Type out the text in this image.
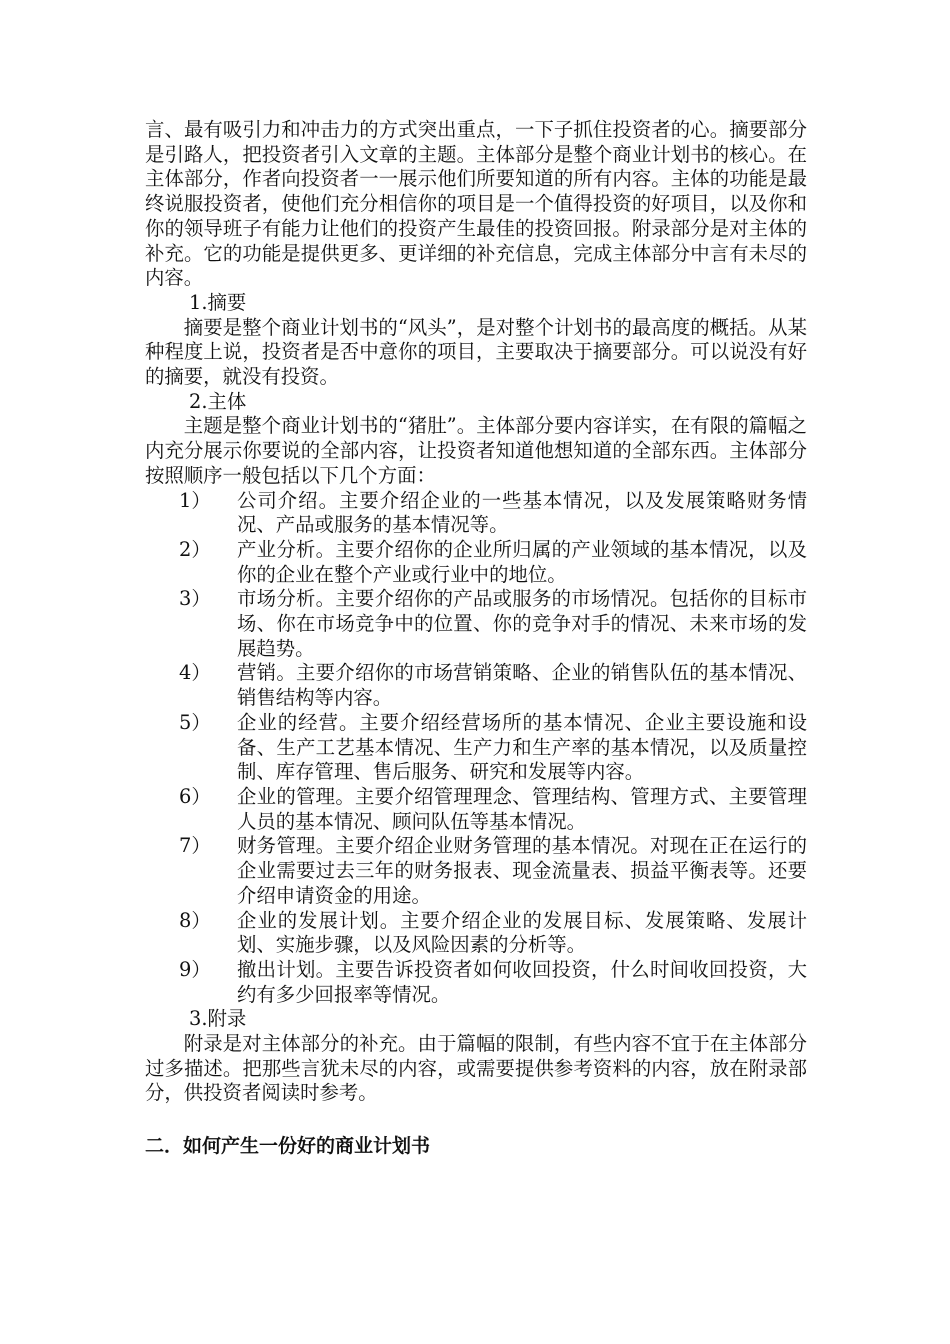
言、最有吸引力和冲击力的方式突出重点，一下子抓住投资者的心。摘要部分是引路人，把投资者引入文章的主题。主体部分是整个商业计划书的核心。在主体部分，作者向投资者一一展示他们所要知道的所有内容。主体的功能是最终说服投资者，使他们充分相信你的项目是一个值得投资的好项目，以及你和你的领导班子有能力让他们的投资产生最佳的投资回报。附录部分是对主体的补充。它的功能是提供更多、更详细的补充信息，完成主体部分中言有未尽的内容。

1.摘要

摘要是整个商业计划书的“风头”，是对整个计划书的最高度的概括。从某种程度上说，投资者是否中意你的项目，主要取决于摘要部分。可以说没有好的摘要，就没有投资。

2.主体

主题是整个商业计划书的“猪肚”。主体部分要内容详实，在有限的篇幅之内充分展示你要说的全部内容，让投资者知道他想知道的全部东西。主体部分按照顺序一般包括以下几个方面：

1）	公司介绍。主要介绍企业的一些基本情况，以及发展策略财务情况、产品或服务的基本情况等。
2）	产业分析。主要介绍你的企业所归属的产业领域的基本情况，以及你的企业在整个产业或行业中的地位。
3）	市场分析。主要介绍你的产品或服务的市场情况。包括你的目标市场、你在市场竞争中的位置、你的竞争对手的情况、未来市场的发展趋势。
4）	营销。主要介绍你的市场营销策略、企业的销售队伍的基本情况、销售结构等内容。
5）	企业的经营。主要介绍经营场所的基本情况、企业主要设施和设备、生产工艺基本情况、生产力和生产率的基本情况，以及质量控制、库存管理、售后服务、研究和发展等内容。
6）	企业的管理。主要介绍管理理念、管理结构、管理方式、主要管理人员的基本情况、顾问队伍等基本情况。
7）	财务管理。主要介绍企业财务管理的基本情况。对现在正在运行的企业需要过去三年的财务报表、现金流量表、损益平衡表等。还要介绍申请资金的用途。
8）	企业的发展计划。主要介绍企业的发展目标、发展策略、发展计划、实施步骤，以及风险因素的分析等。
9）	撤出计划。主要告诉投资者如何收回投资，什么时间收回投资，大约有多少回报率等情况。

3.附录

附录是对主体部分的补充。由于篇幅的限制，有些内容不宜于在主体部分过多描述。把那些言犹未尽的内容，或需要提供参考资料的内容，放在附录部分，供投资者阅读时参考。

二．如何产生一份好的商业计划书
